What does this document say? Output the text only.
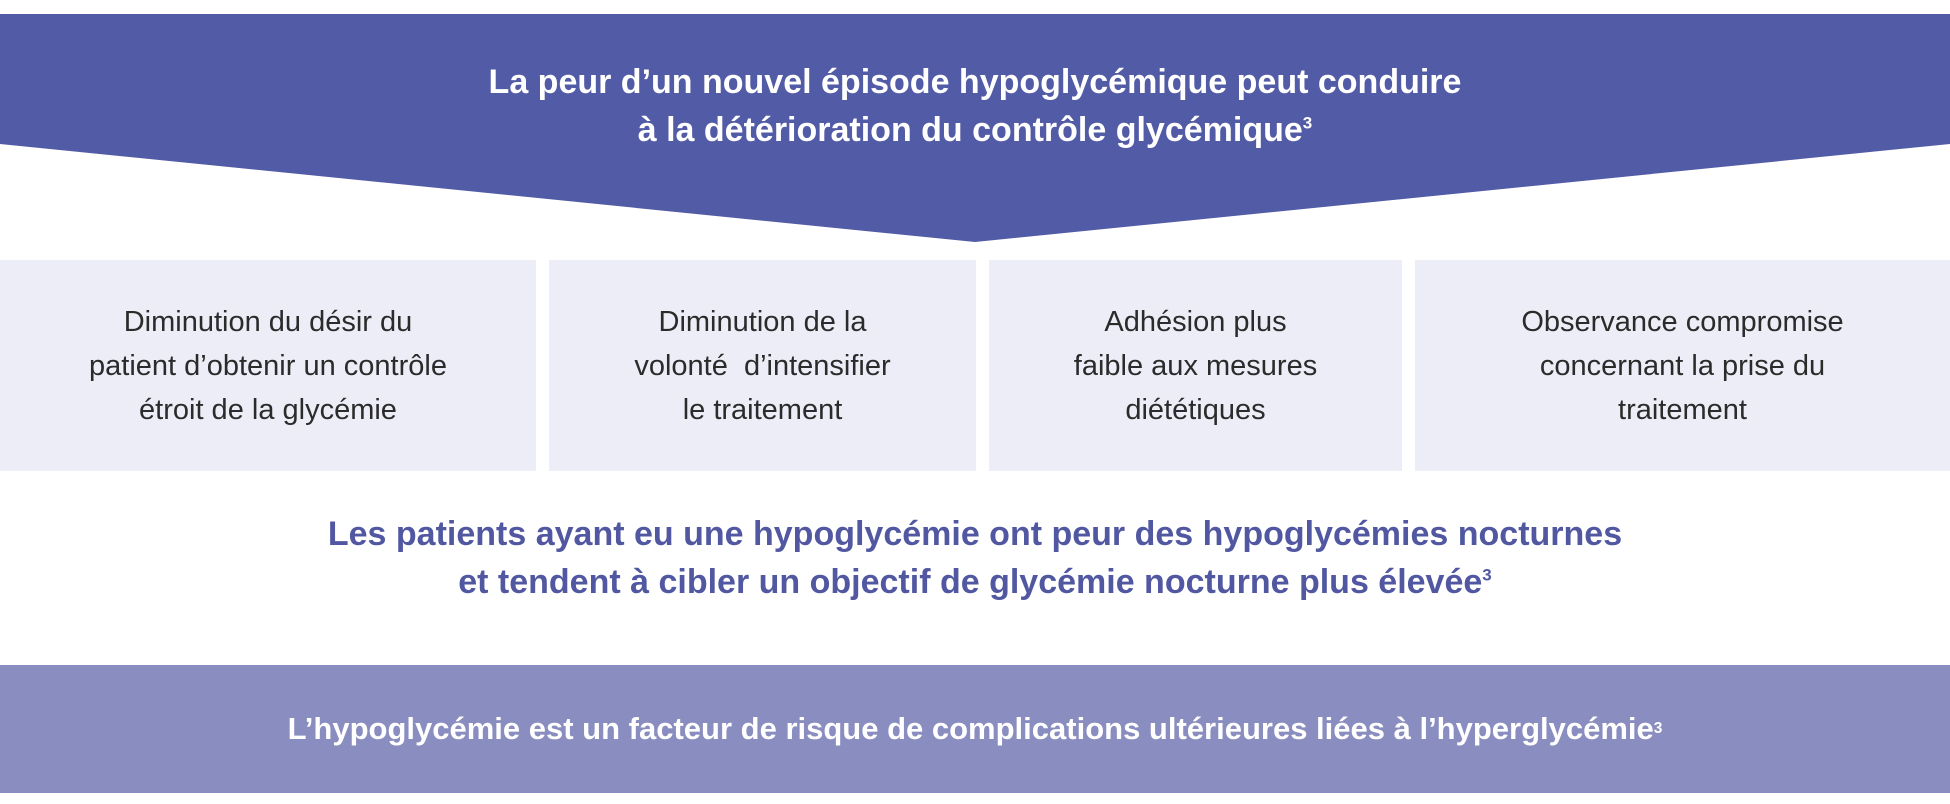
La peur d’un nouvel épisode hypoglycémique peut conduire
à la détérioration du contrôle glycémique$^3$
Diminution du désir du
patient d’obtenir un contrôle
étroit de la glycémie
Diminution de la
volonté  d’intensifier
le traitement
Adhésion plus
faible aux mesures
diététiques
Observance compromise
concernant la prise du
traitement
Les patients ayant eu une hypoglycémie ont peur des hypoglycémies nocturnes
et tendent à cibler un objectif de glycémie nocturne plus élevée$^3$
L’hypoglycémie est un facteur de risque de complications ultérieures liées à l’hyperglycémie 3
